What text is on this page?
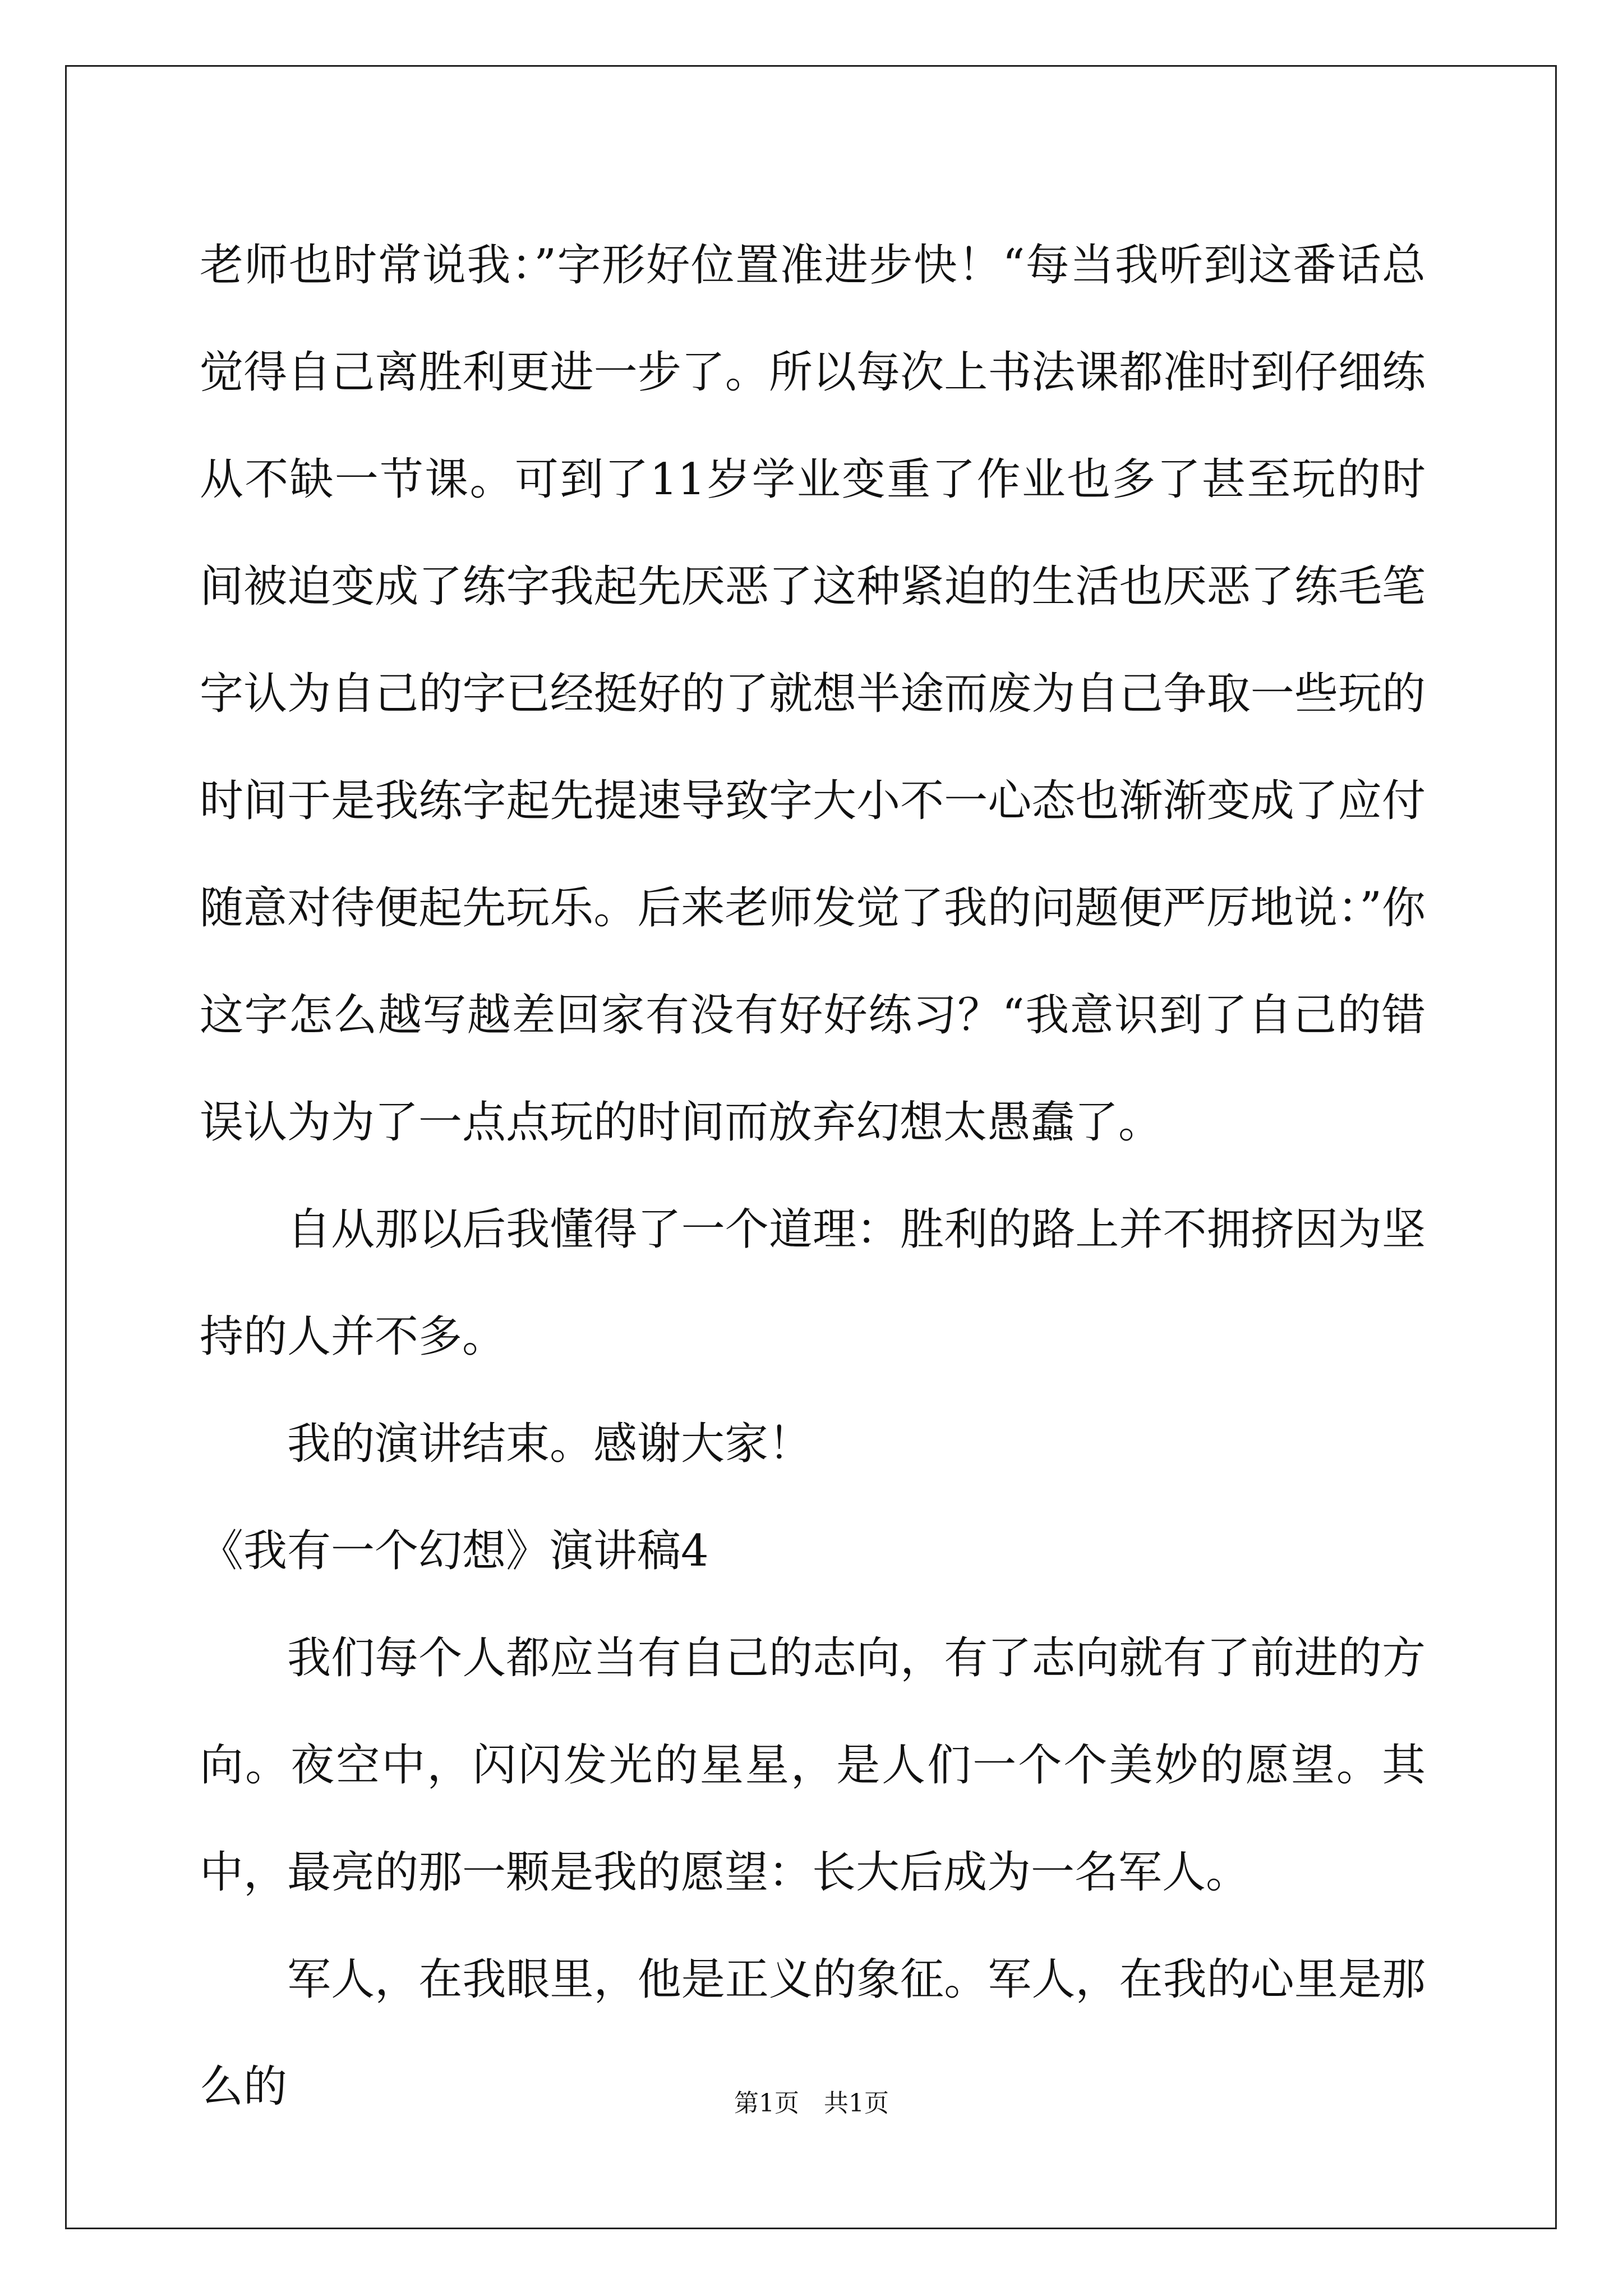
老师也时常说我：”字形好位置准进步快！“每当我听到这番话总觉得自己离胜利更进一步了。所以每次上书法课都准时到仔细练从不缺一节课。可到了11岁学业变重了作业也多了甚至玩的时间被迫变成了练字我起先厌恶了这种紧迫的生活也厌恶了练毛笔字认为自己的字已经挺好的了就想半途而废为自己争取一些玩的时间于是我练字起先提速导致字大小不一心态也渐渐变成了应付随意对待便起先玩乐。后来老师发觉了我的问题便严厉地说：”你这字怎么越写越差回家有没有好好练习？“我意识到了自己的错误认为为了一点点玩的时间而放弃幻想太愚蠢了。

自从那以后我懂得了一个道理：胜利的路上并不拥挤因为坚持的人并不多。

我的演讲结束。感谢大家！

《我有一个幻想》演讲稿4

我们每个人都应当有自己的志向，有了志向就有了前进的方向。夜空中，闪闪发光的星星，是人们一个个美妙的愿望。其中，最亮的那一颗是我的愿望：长大后成为一名军人。

军人，在我眼里，他是正义的象征。军人，在我的心里是那么的	第1页 共1页
